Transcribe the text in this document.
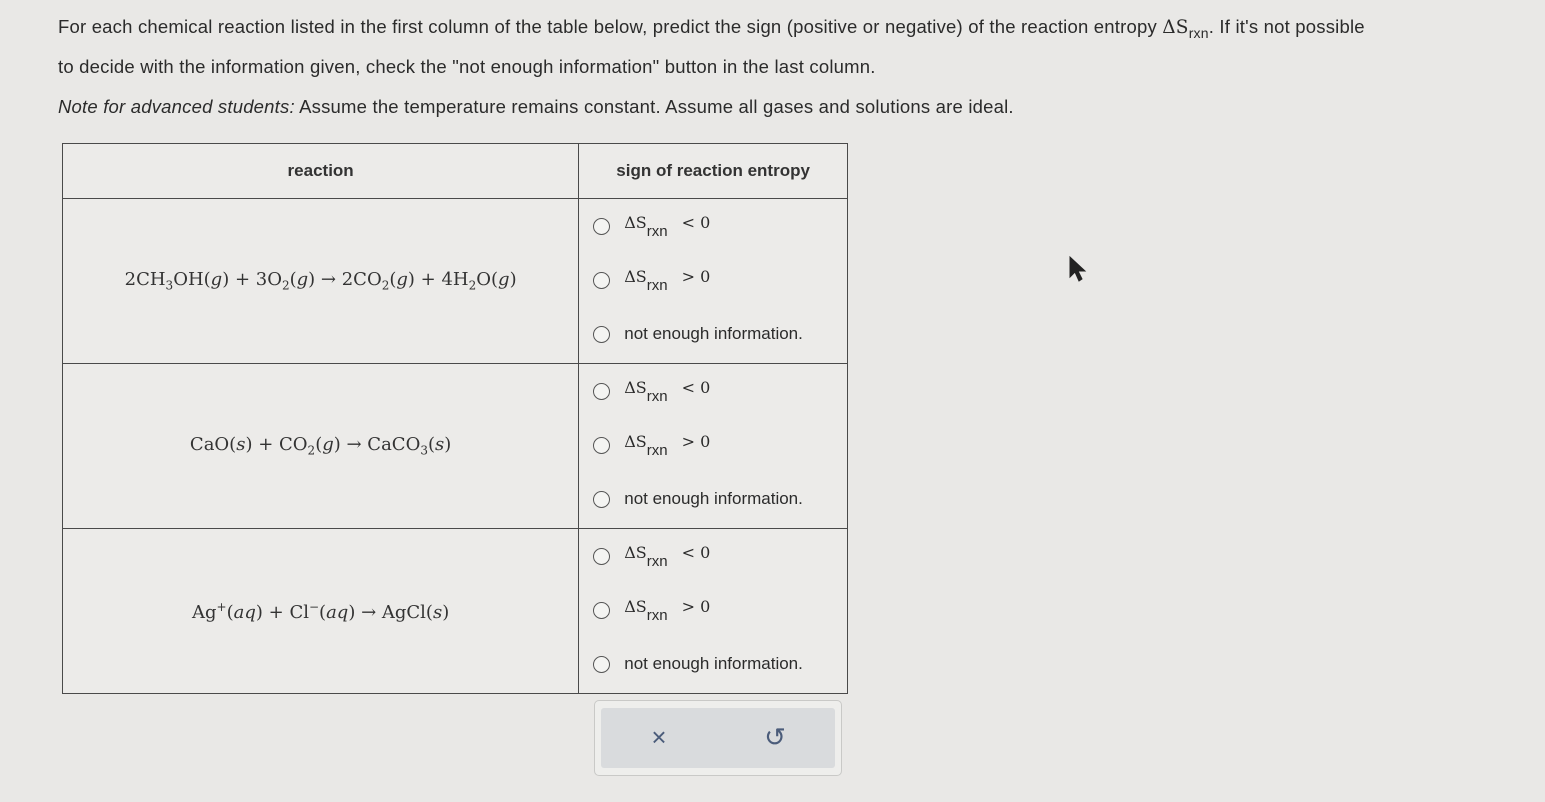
For each chemical reaction listed in the first column of the table below, predict the sign (positive or negative) of the reaction entropy $\Delta S_{rxn}$. If it's not possible

to decide with the information given, check the "not enough information" button in the last column.

Note for advanced students: Assume the temperature remains constant. Assume all gases and solutions are ideal.

reaction	sign of reaction entropy
$2CH_3OH(g) + 3O_2(g) \to 2CO_2(g) + 4H_2O(g)$	$\Delta S_{rxn} < 0$
$\Delta S_{rxn} > 0$
not enough information.

$CaO(s) + CO_2(g)$ → CaCO$_3$(s)	$\Delta S_{rxn} < 0$
$\Delta S_{rxn} > 0$
not enough information.

Ag+(aq) + Cl−(aq) → AgCl(s)	$\Delta S_{rxn} < 0$
$\Delta S_{rxn} > 0$
not enough information.
×	↺
